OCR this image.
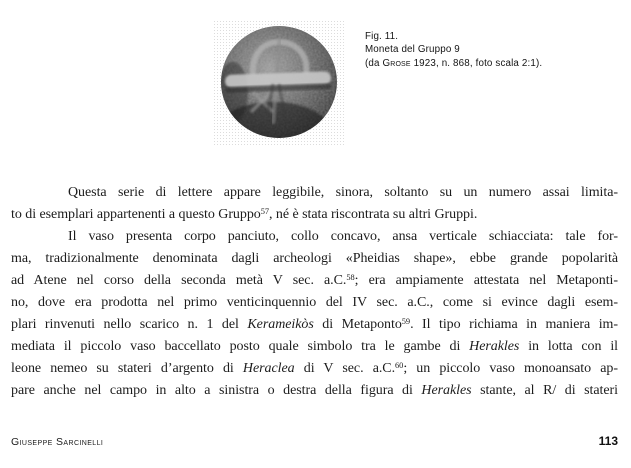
Fig. 11.
Moneta del Gruppo 9
(da Grose 1923, n. 868, foto scala 2:1).
Questa serie di lettere appare leggibile, sinora, soltanto su un numero assai limita-
to di esemplari appartenenti a questo Gruppo$^{57}$, né è stata riscontrata su altri Gruppi.
Il vaso presenta corpo panciuto, collo concavo, ansa verticale schiacciata: tale for-
ma, tradizionalmente denominata dagli archeologi «Pheidias shape», ebbe grande popolarità
ad Atene nel corso della seconda metà V sec. a.C.$^{58}$; era ampiamente attestata nel Metaponti-
no, dove era prodotta nel primo venticinquennio del IV sec. a.C., come si evince dagli esem-
plari rinvenuti nello scarico n. 1 del Kerameikòs di Metaponto$^{59}$. Il tipo richiama in maniera im-
mediata il piccolo vaso baccellato posto quale simbolo tra le gambe di Herakles in lotta con il
leone nemeo su stateri d’argento di Heraclea di V sec. a.C.$^{60}$; un piccolo vaso monoansato ap-
pare anche nel campo in alto a sinistra o destra della figura di Herakles stante, al R/ di stateri
Giuseppe Sarcinelli	113
